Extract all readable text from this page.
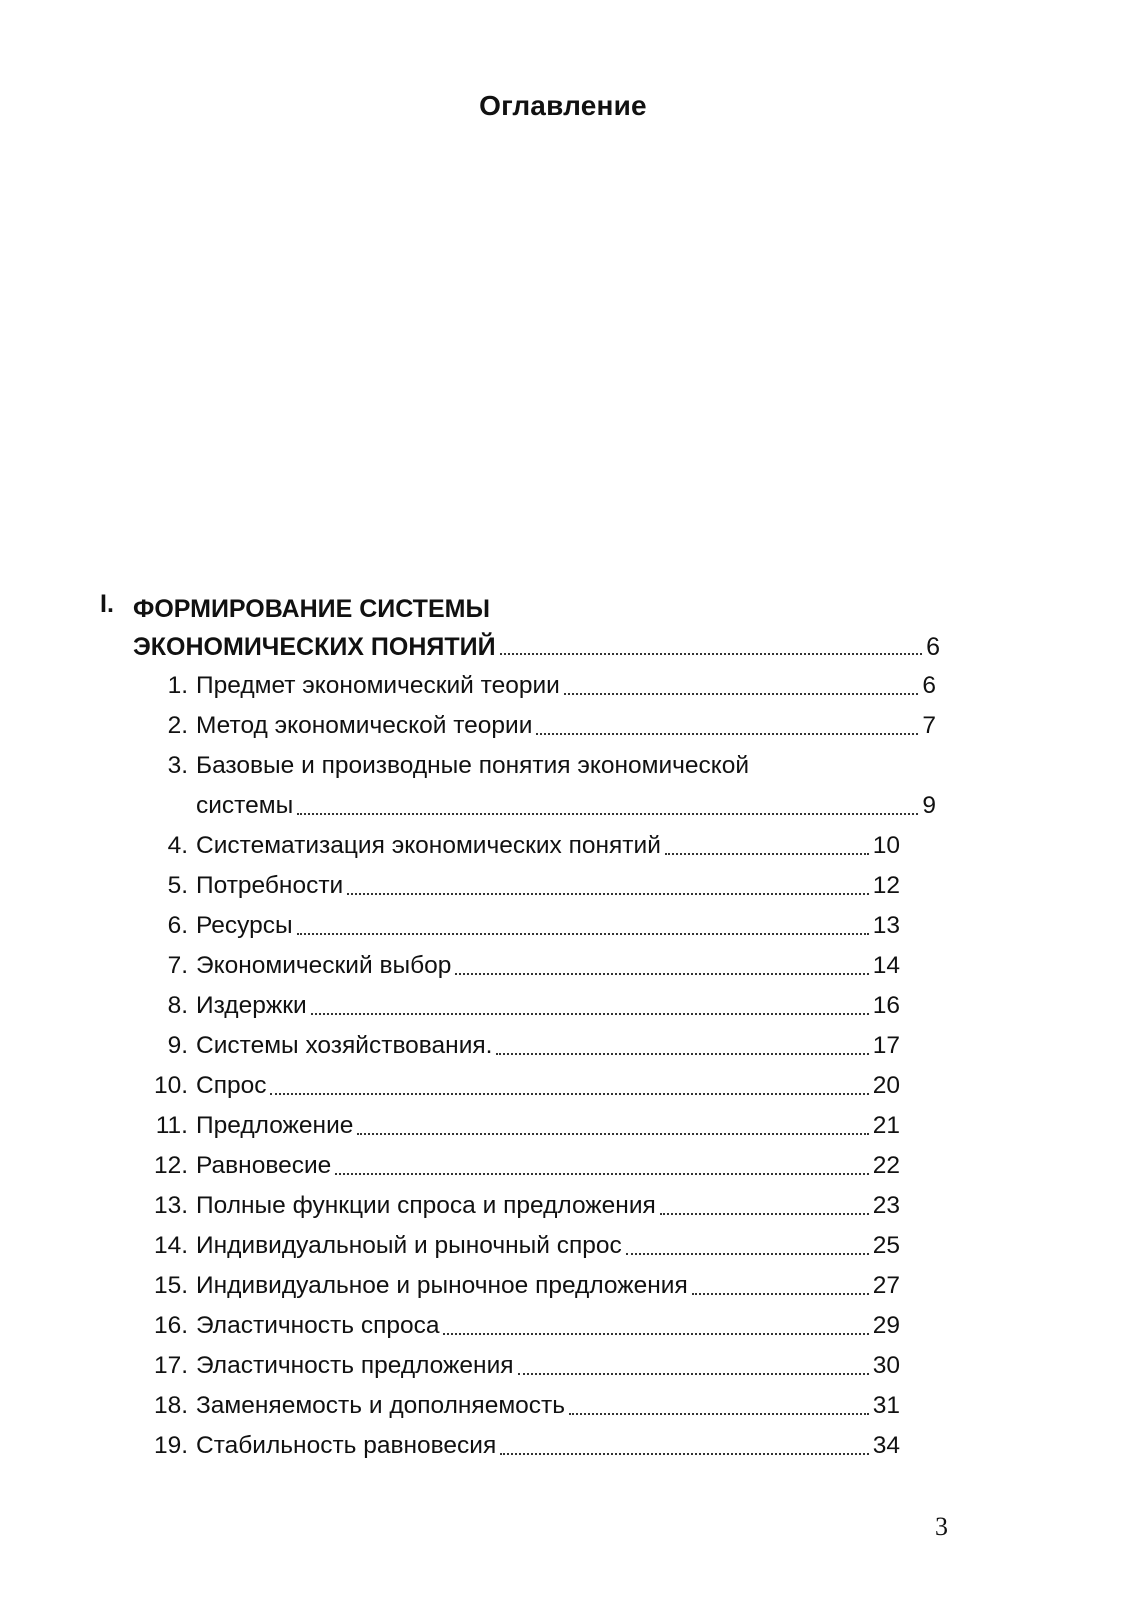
Оглавление
I. ФОРМИРОВАНИЕ СИСТЕМЫ
ЭКОНОМИЧЕСКИХ ПОНЯТИЙ	6
1. Предмет экономический теории	6
2. Метод экономической теории	7
3. Базовые и производные понятия экономической
системы	9
4. Систематизация экономических понятий	10
5. Потребности	12
6. Ресурсы	13
7. Экономический выбор	14
8. Издержки	16
9. Системы хозяйствования.	17
10. Спрос	20
11. Предложение	21
12. Равновесие	22
13. Полные функции спроса и предложения	23
14. Индивидуальноый и рыночный спрос	25
15. Индивидуальное и рыночное предложения	27
16. Эластичность спроса	29
17. Эластичность предложения	30
18. Заменяемость и дополняемость	31
19. Стабильность равновесия	34
3
